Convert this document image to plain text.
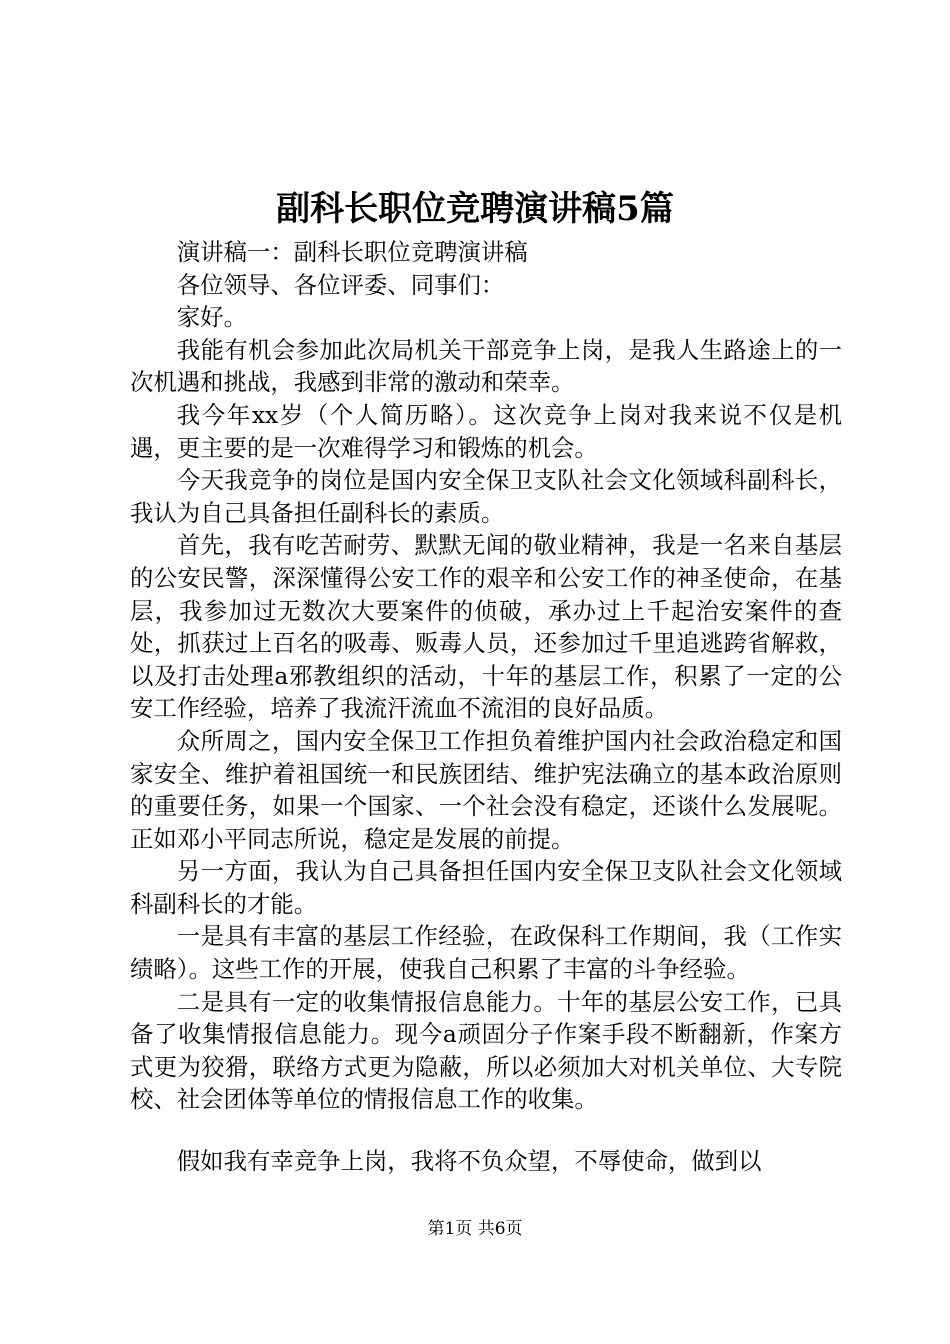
副科长职位竞聘演讲稿5篇

演讲稿一：副科长职位竞聘演讲稿

各位领导、各位评委、同事们：

家好。

我能有机会参加此次局机关干部竞争上岗，是我人生路途上的一次机遇和挑战，我感到非常的激动和荣幸。

我今年xx岁（个人简历略）。这次竞争上岗对我来说不仅是机遇，更主要的是一次难得学习和锻炼的机会。

今天我竞争的岗位是国内安全保卫支队社会文化领域科副科长，我认为自己具备担任副科长的素质。

首先，我有吃苦耐劳、默默无闻的敬业精神，我是一名来自基层的公安民警，深深懂得公安工作的艰辛和公安工作的神圣使命，在基层，我参加过无数次大要案件的侦破，承办过上千起治安案件的查处，抓获过上百名的吸毒、贩毒人员，还参加过千里追逃跨省解救，以及打击处理a邪教组织的活动，十年的基层工作，积累了一定的公安工作经验，培养了我流汗流血不流泪的良好品质。

众所周之，国内安全保卫工作担负着维护国内社会政治稳定和国家安全、维护着祖国统一和民族团结、维护宪法确立的基本政治原则的重要任务，如果一个国家、一个社会没有稳定，还谈什么发展呢。正如邓小平同志所说，稳定是发展的前提。

另一方面，我认为自己具备担任国内安全保卫支队社会文化领域科副科长的才能。

一是具有丰富的基层工作经验，在政保科工作期间，我（工作实绩略）。这些工作的开展，使我自己积累了丰富的斗争经验。

二是具有一定的收集情报信息能力。十年的基层公安工作，已具备了收集情报信息能力。现今a顽固分子作案手段不断翻新，作案方式更为狡猾，联络方式更为隐蔽，所以必须加大对机关单位、大专院校、社会团体等单位的情报信息工作的收集。

假如我有幸竞争上岗，我将不负众望，不辱使命，做到以

第1页 共6页
